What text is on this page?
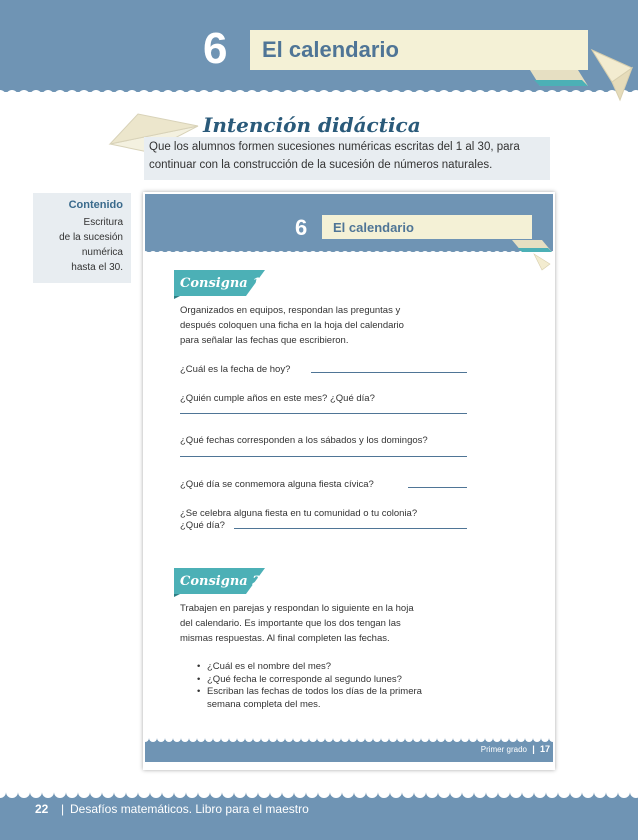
6 El calendario
Intención didáctica
Que los alumnos formen sucesiones numéricas escritas del 1 al 30, para continuar con la construcción de la sucesión de números naturales.
Contenido
Escritura
de la sucesión
numérica
hasta el 30.
6 El calendario
Consigna 1
Organizados en equipos, respondan las preguntas y
después coloquen una ficha en la hoja del calendario
para señalar las fechas que escribieron.
¿Cuál es la fecha de hoy?
¿Quién cumple años en este mes? ¿Qué día?
¿Qué fechas corresponden a los sábados y los domingos?
¿Qué día se conmemora alguna fiesta cívica?
¿Se celebra alguna fiesta en tu comunidad o tu colonia?
¿Qué día?
Consigna 2
Trabajen en parejas y respondan lo siguiente en la hoja
del calendario. Es importante que los dos tengan las
mismas respuestas. Al final completen las fechas.
• ¿Cuál es el nombre del mes?
• ¿Qué fecha le corresponde al segundo lunes?
• Escriban las fechas de todos los días de la primera
semana completa del mes.
Primer grado | 17
22 | Desafíos matemáticos. Libro para el maestro
